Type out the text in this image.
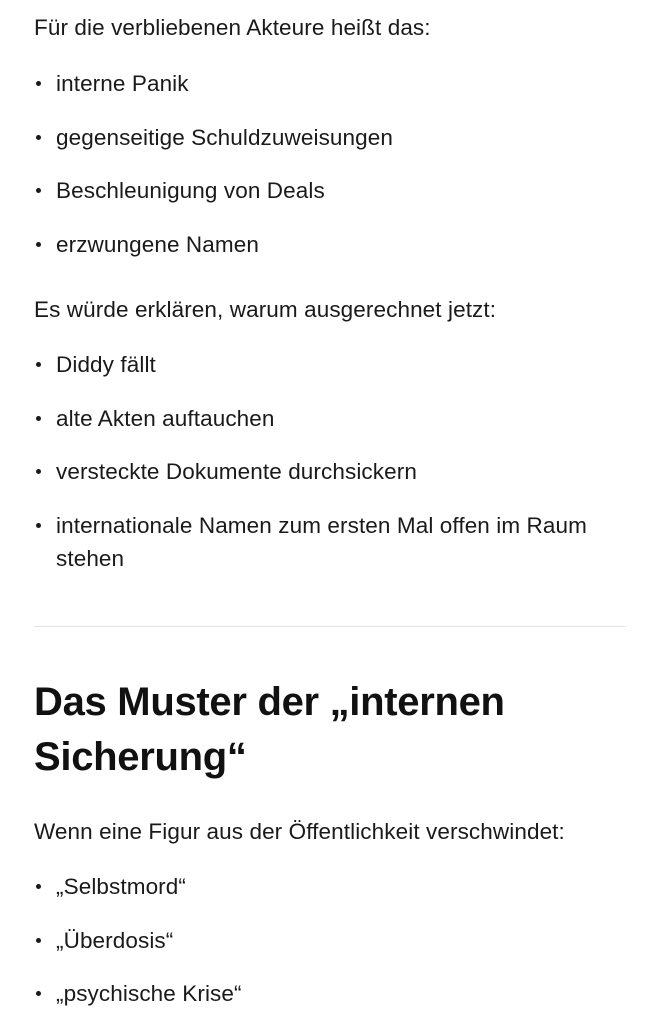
Für die verbliebenen Akteure heißt das:

interne Panik
gegenseitige Schuldzuweisungen
Beschleunigung von Deals
erzwungene Namen

Es würde erklären, warum ausgerechnet jetzt:

Diddy fällt
alte Akten auftauchen
versteckte Dokumente durchsickern
internationale Namen zum ersten Mal offen im Raum stehen
Das Muster der „internen Sicherung“

Wenn eine Figur aus der Öffentlichkeit verschwindet:

„Selbstmord“
„Überdosis“
„psychische Krise“
